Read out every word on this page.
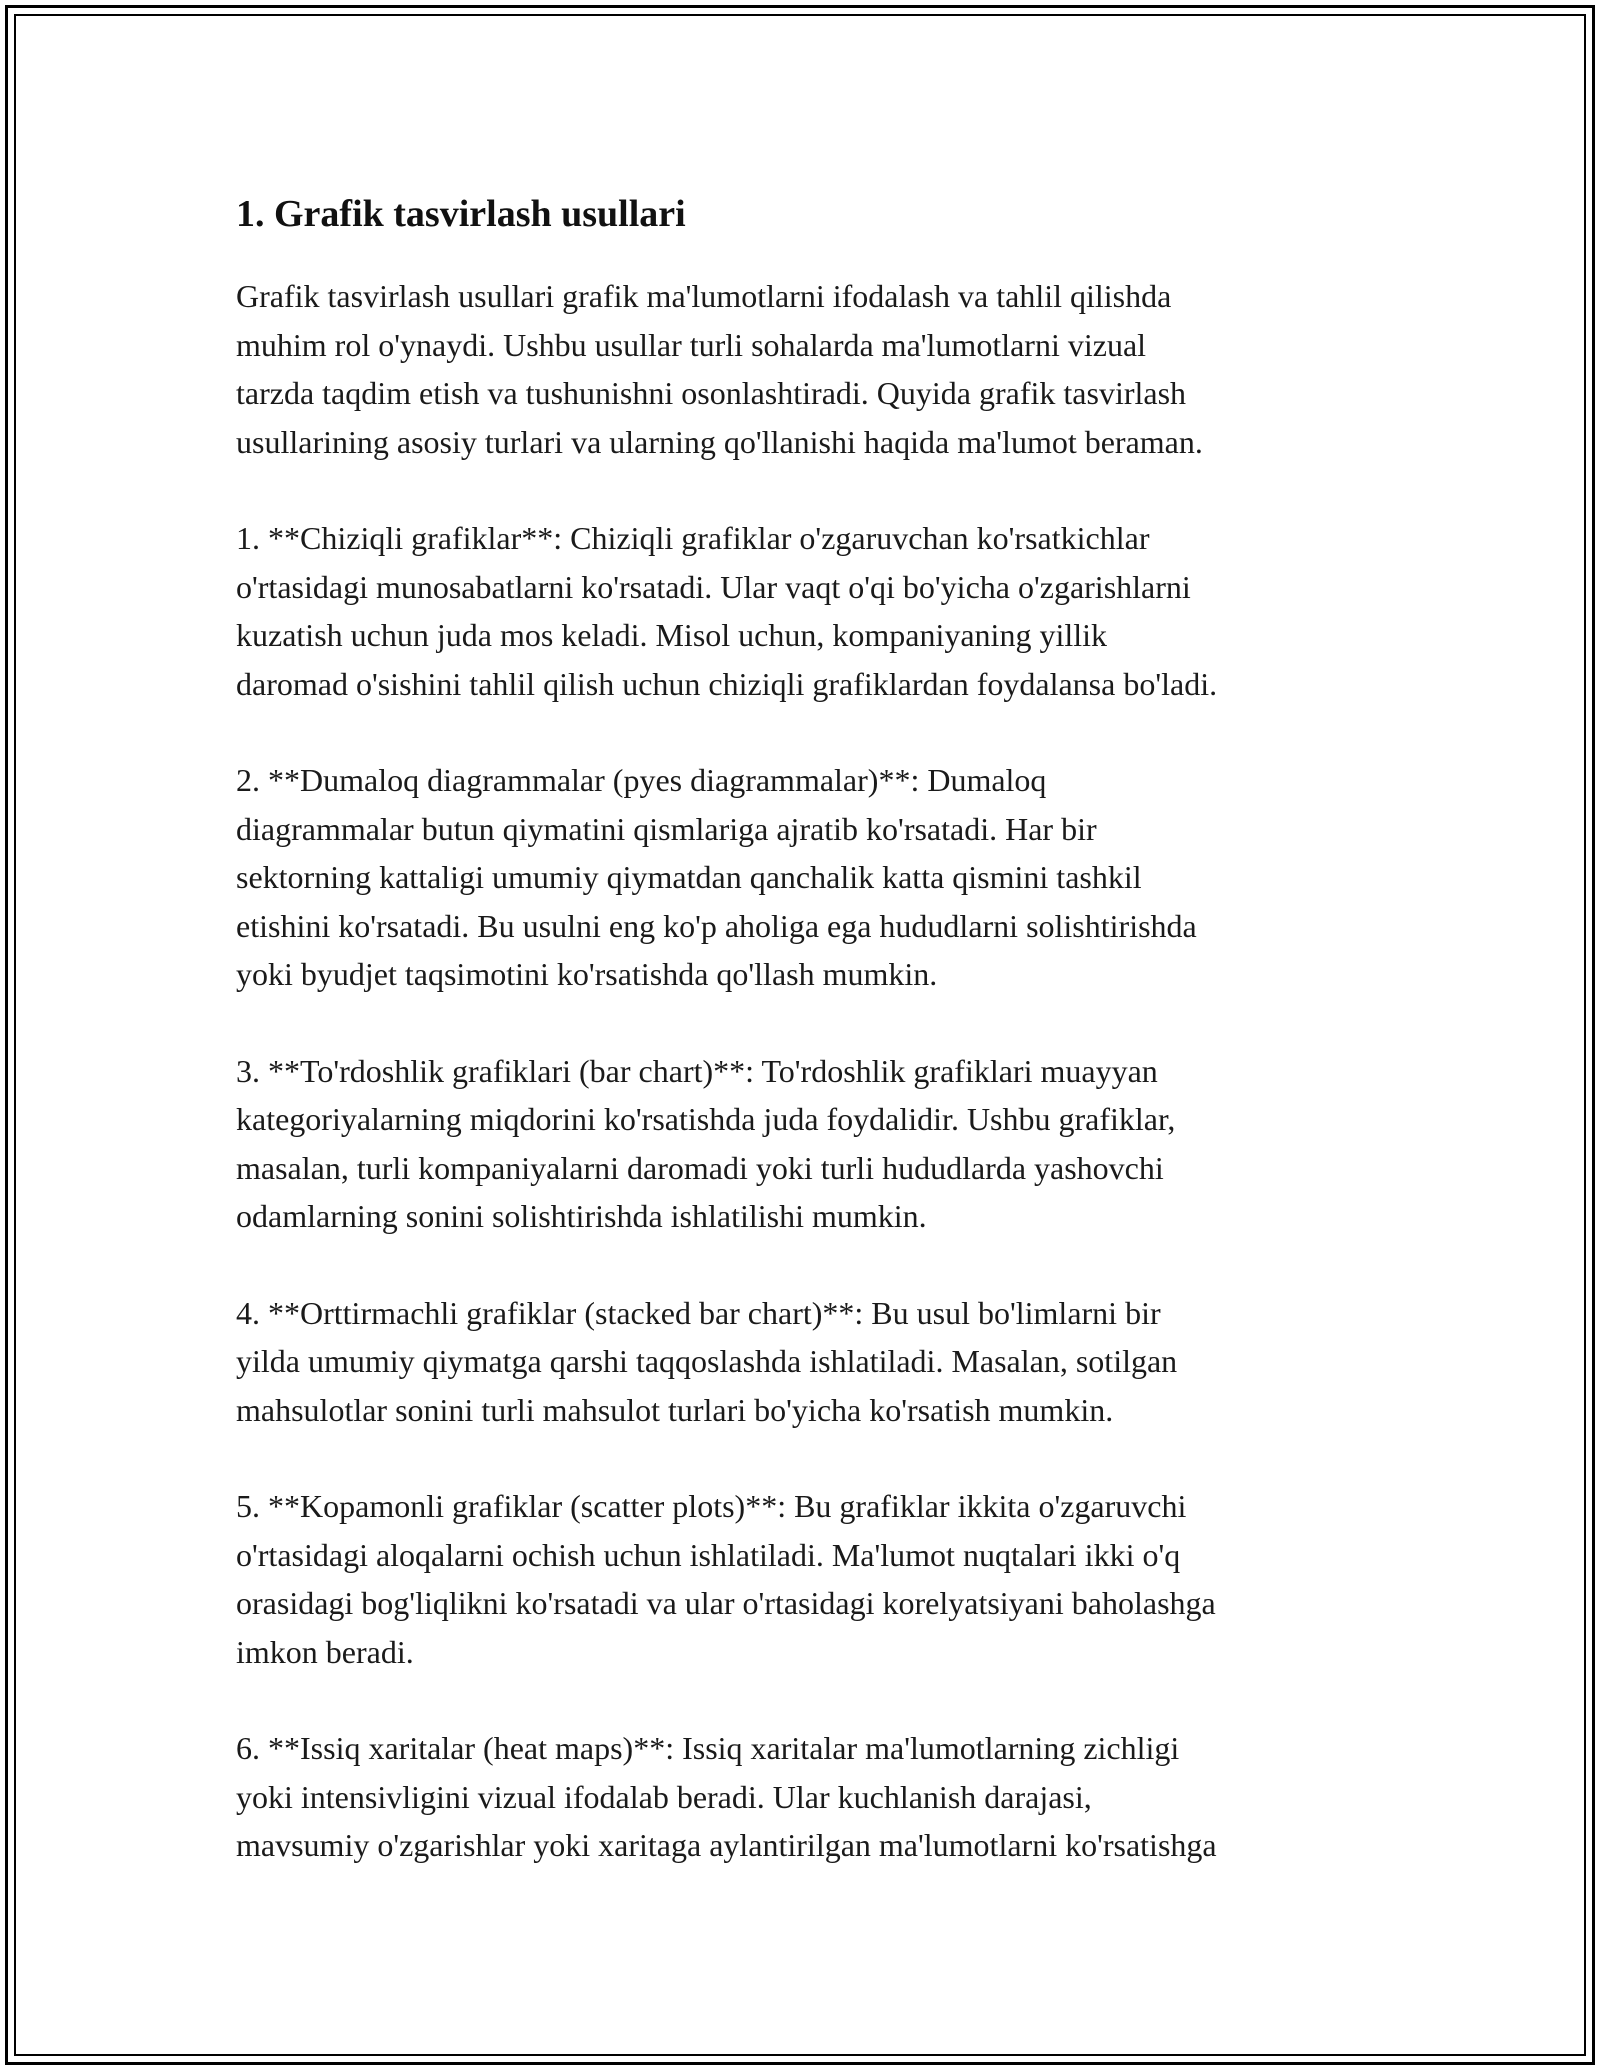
1. Grafik tasvirlash usullari

Grafik tasvirlash usullari grafik ma'lumotlarni ifodalash va tahlil qilishda
muhim rol o'ynaydi. Ushbu usullar turli sohalarda ma'lumotlarni vizual
tarzda taqdim etish va tushunishni osonlashtiradi. Quyida grafik tasvirlash
usullarining asosiy turlari va ularning qo'llanishi haqida ma'lumot beraman.

1. **Chiziqli grafiklar**: Chiziqli grafiklar o'zgaruvchan ko'rsatkichlar
o'rtasidagi munosabatlarni ko'rsatadi. Ular vaqt o'qi bo'yicha o'zgarishlarni
kuzatish uchun juda mos keladi. Misol uchun, kompaniyaning yillik
daromad o'sishini tahlil qilish uchun chiziqli grafiklardan foydalansa bo'ladi.

2. **Dumaloq diagrammalar (pyes diagrammalar)**: Dumaloq
diagrammalar butun qiymatini qismlariga ajratib ko'rsatadi. Har bir
sektorning kattaligi umumiy qiymatdan qanchalik katta qismini tashkil
etishini ko'rsatadi. Bu usulni eng ko'p aholiga ega hududlarni solishtirishda
yoki byudjet taqsimotini ko'rsatishda qo'llash mumkin.

3. **To'rdoshlik grafiklari (bar chart)**: To'rdoshlik grafiklari muayyan
kategoriyalarning miqdorini ko'rsatishda juda foydalidir. Ushbu grafiklar,
masalan, turli kompaniyalarni daromadi yoki turli hududlarda yashovchi
odamlarning sonini solishtirishda ishlatilishi mumkin.

4. **Orttirmachli grafiklar (stacked bar chart)**: Bu usul bo'limlarni bir
yilda umumiy qiymatga qarshi taqqoslashda ishlatiladi. Masalan, sotilgan
mahsulotlar sonini turli mahsulot turlari bo'yicha ko'rsatish mumkin.

5. **Kopamonli grafiklar (scatter plots)**: Bu grafiklar ikkita o'zgaruvchi
o'rtasidagi aloqalarni ochish uchun ishlatiladi. Ma'lumot nuqtalari ikki o'q
orasidagi bog'liqlikni ko'rsatadi va ular o'rtasidagi korelyatsiyani baholashga
imkon beradi.

6. **Issiq xaritalar (heat maps)**: Issiq xaritalar ma'lumotlarning zichligi
yoki intensivligini vizual ifodalab beradi. Ular kuchlanish darajasi,
mavsumiy o'zgarishlar yoki xaritaga aylantirilgan ma'lumotlarni ko'rsatishga
